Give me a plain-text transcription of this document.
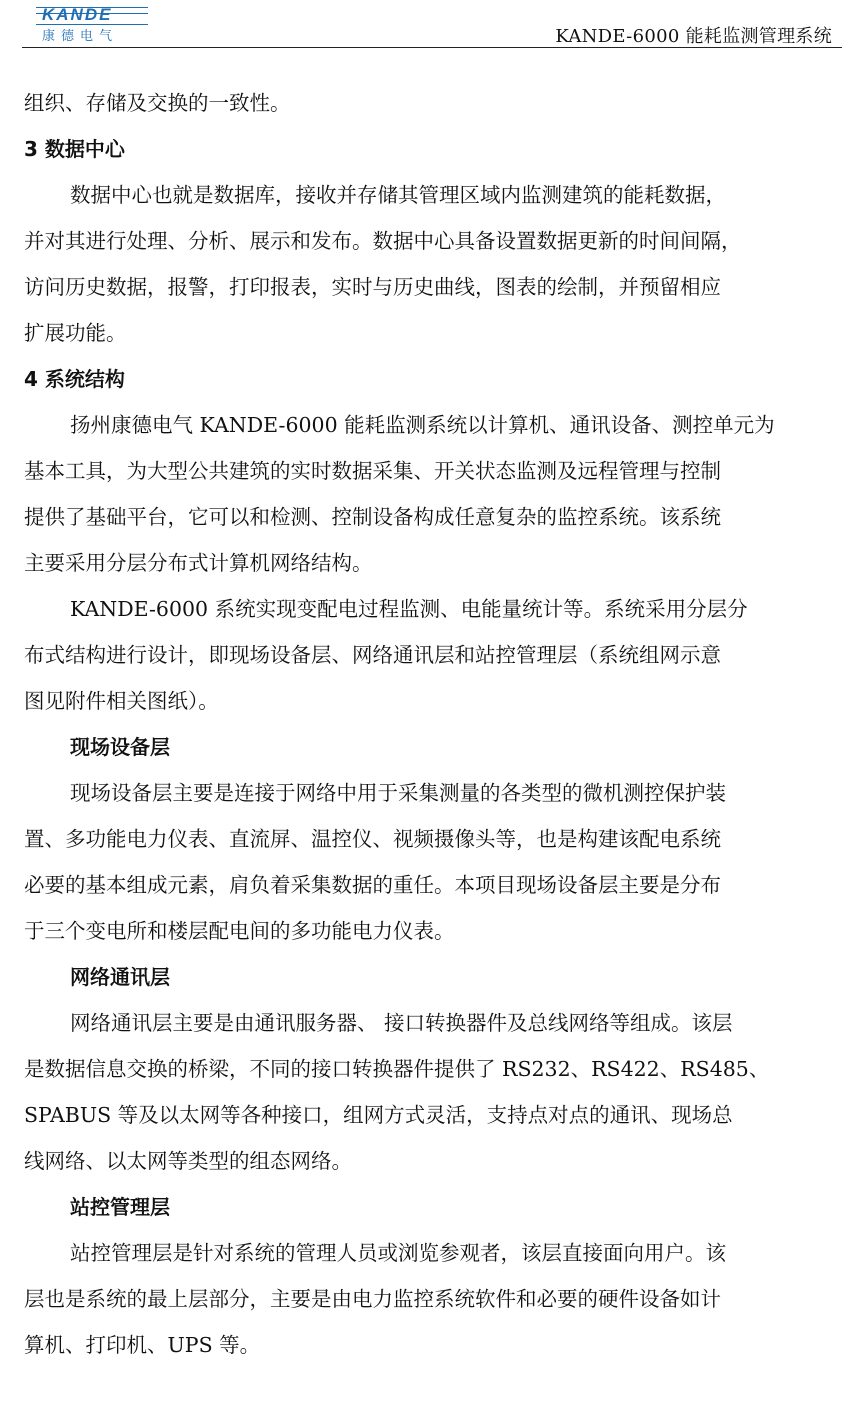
KANDE
康德电气	KANDE-6000 能耗监测管理系统
组织、存储及交换的一致性。
3 数据中心
数据中心也就是数据库，接收并存储其管理区域内监测建筑的能耗数据，
并对其进行处理、分析、展示和发布。数据中心具备设置数据更新的时间间隔，
访问历史数据，报警，打印报表，实时与历史曲线，图表的绘制，并预留相应
扩展功能。
4 系统结构
扬州康德电气 KANDE-6000 能耗监测系统以计算机、通讯设备、测控单元为
基本工具，为大型公共建筑的实时数据采集、开关状态监测及远程管理与控制
提供了基础平台，它可以和检测、控制设备构成任意复杂的监控系统。该系统
主要采用分层分布式计算机网络结构。
KANDE-6000 系统实现变配电过程监测、电能量统计等。系统采用分层分
布式结构进行设计，即现场设备层、网络通讯层和站控管理层（系统组网示意
图见附件相关图纸）。
现场设备层
现场设备层主要是连接于网络中用于采集测量的各类型的微机测控保护装
置、多功能电力仪表、直流屏、温控仪、视频摄像头等，也是构建该配电系统
必要的基本组成元素，肩负着采集数据的重任。本项目现场设备层主要是分布
于三个变电所和楼层配电间的多功能电力仪表。
网络通讯层
网络通讯层主要是由通讯服务器、 接口转换器件及总线网络等组成。该层
是数据信息交换的桥梁，不同的接口转换器件提供了 RS232、RS422、RS485、
SPABUS 等及以太网等各种接口，组网方式灵活，支持点对点的通讯、现场总
线网络、以太网等类型的组态网络。
站控管理层
站控管理层是针对系统的管理人员或浏览参观者，该层直接面向用户。该
层也是系统的最上层部分，主要是由电力监控系统软件和必要的硬件设备如计
算机、打印机、UPS 等。
